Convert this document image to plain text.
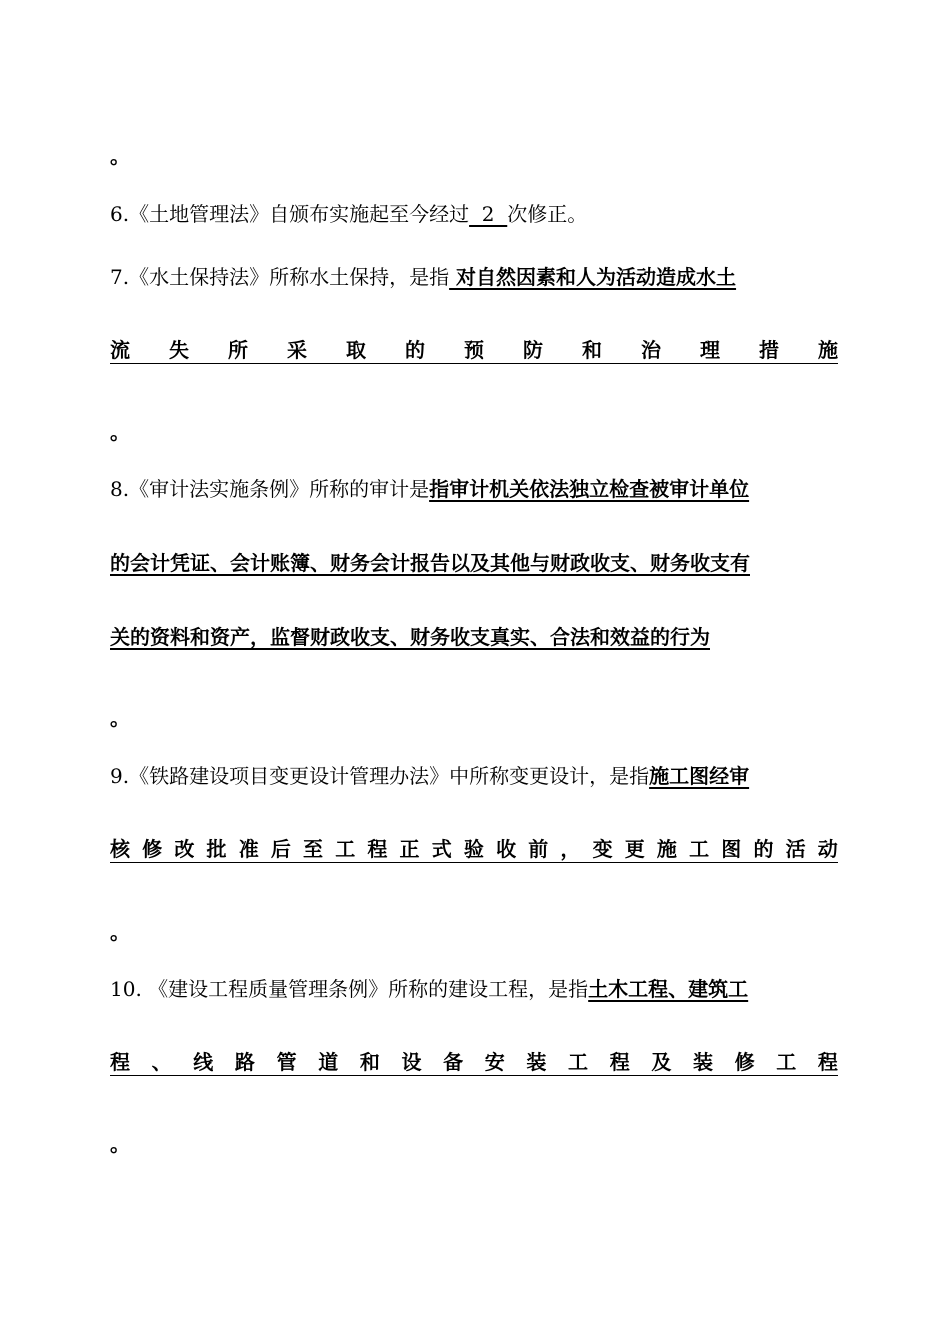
。
6.《土地管理法》自颁布实施起至今经过  2  次修正。
7.《水土保持法》所称水土保持，是指 对自然因素和人为活动造成水土
流 失 所 采 取 的 预 防 和 治 理 措 施
。
8.《审计法实施条例》所称的审计是指审计机关依法独立检查被审计单位
的会计凭证、会计账簿、财务会计报告以及其他与财政收支、财务收支有
关的资料和资产，监督财政收支、财务收支真实、合法和效益的行为
。
9.《铁路建设项目变更设计管理办法》中所称变更设计，是指施工图经审
核 修 改 批 准 后 至 工 程 正 式 验 收 前 ， 变 更 施 工 图 的 活 动
。
10. 《建设工程质量管理条例》所称的建设工程，是指土木工程、建筑工
程 、 线 路 管 道 和 设 备 安 装 工 程 及 装 修 工 程
。
